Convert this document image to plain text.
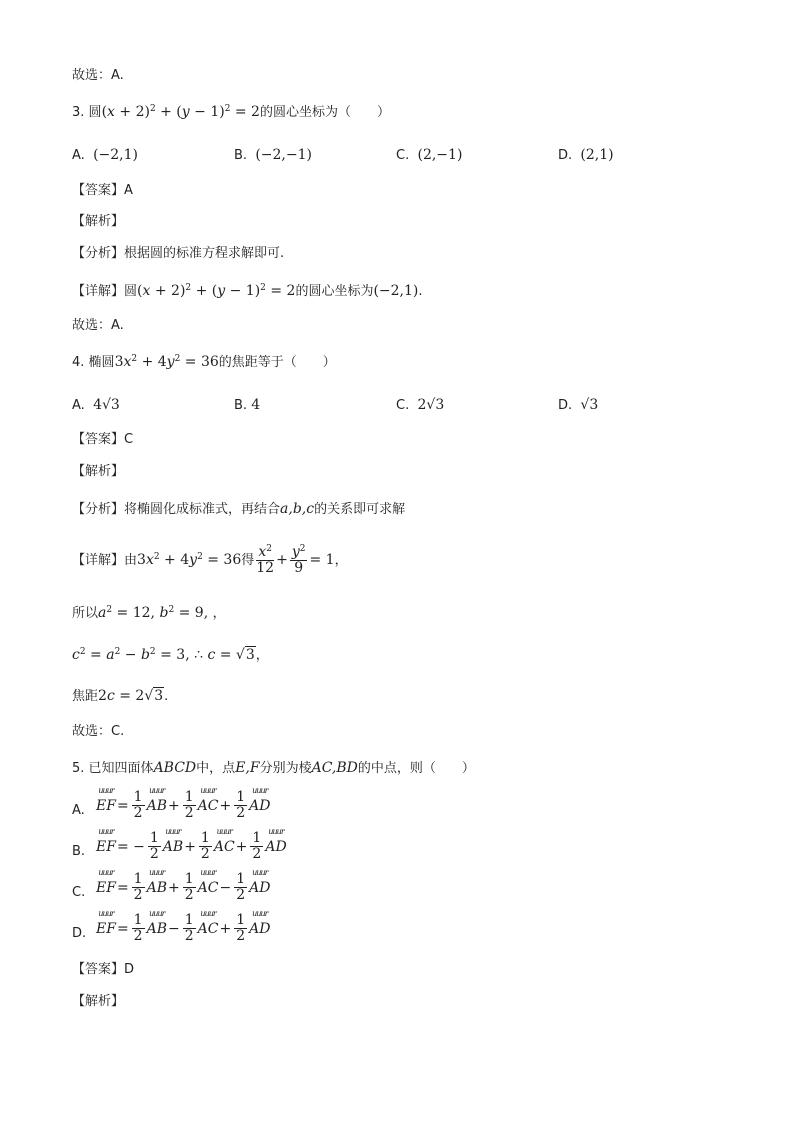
故选：A.
3. 圆$(x + 2)^2 + (y - 1)^2 = 2$的圆心坐标为（　　）
A. (−2,1)	B. (−2,−1)	C. (2,−1)	D. (2,1)
【答案】A
【解析】
【分析】根据圆的标准方程求解即可.
【详解】圆$(x + 2)^2 + (y - 1)^2 = 2$的圆心坐标为(−2,1).
故选：A.
4. 椭圆$3x^2 + 4y^2 = 36$的焦距等于（　　）
A. 4√3	B. 4	C. 2√3	D. √3
【答案】C
【解析】
【分析】将椭圆化成标准式，再结合a,b,c的关系即可求解
【详解】由$3x^2 + 4y^2 = 36$得 $\frac{x^2}{12} + \frac{y^2}{9} = 1$，
所以$a^2 = 12$, $b^2 = 9$, ，
$c^2 = a^2 - b^2 = 3$, ∴ c = √3，
焦距2c = 2√3.
故选：C.
5. 已知四面体ABCD中，点E,F分别为棱AC,BD的中点，则（　　）
A. EF
uuur
= $\frac{1}{2}$ AB
uuur
+ $\frac{1}{2}$ AC
uuur
+ $\frac{1}{2}$ AD
uuur
B. EF
uuur
= − $\frac{1}{2}$ AB
uuur
+ $\frac{1}{2}$ AC
uuur
+ $\frac{1}{2}$ AD
uuur
C. EF
uuur
= $\frac{1}{2}$ AB
uuur
+ $\frac{1}{2}$ AC
uuur
− $\frac{1}{2}$ AD
uuur
D. EF
uuur
= $\frac{1}{2}$ AB
uuur
− $\frac{1}{2}$ AC
uuur
+ $\frac{1}{2}$ AD
uuur
【答案】D
【解析】
